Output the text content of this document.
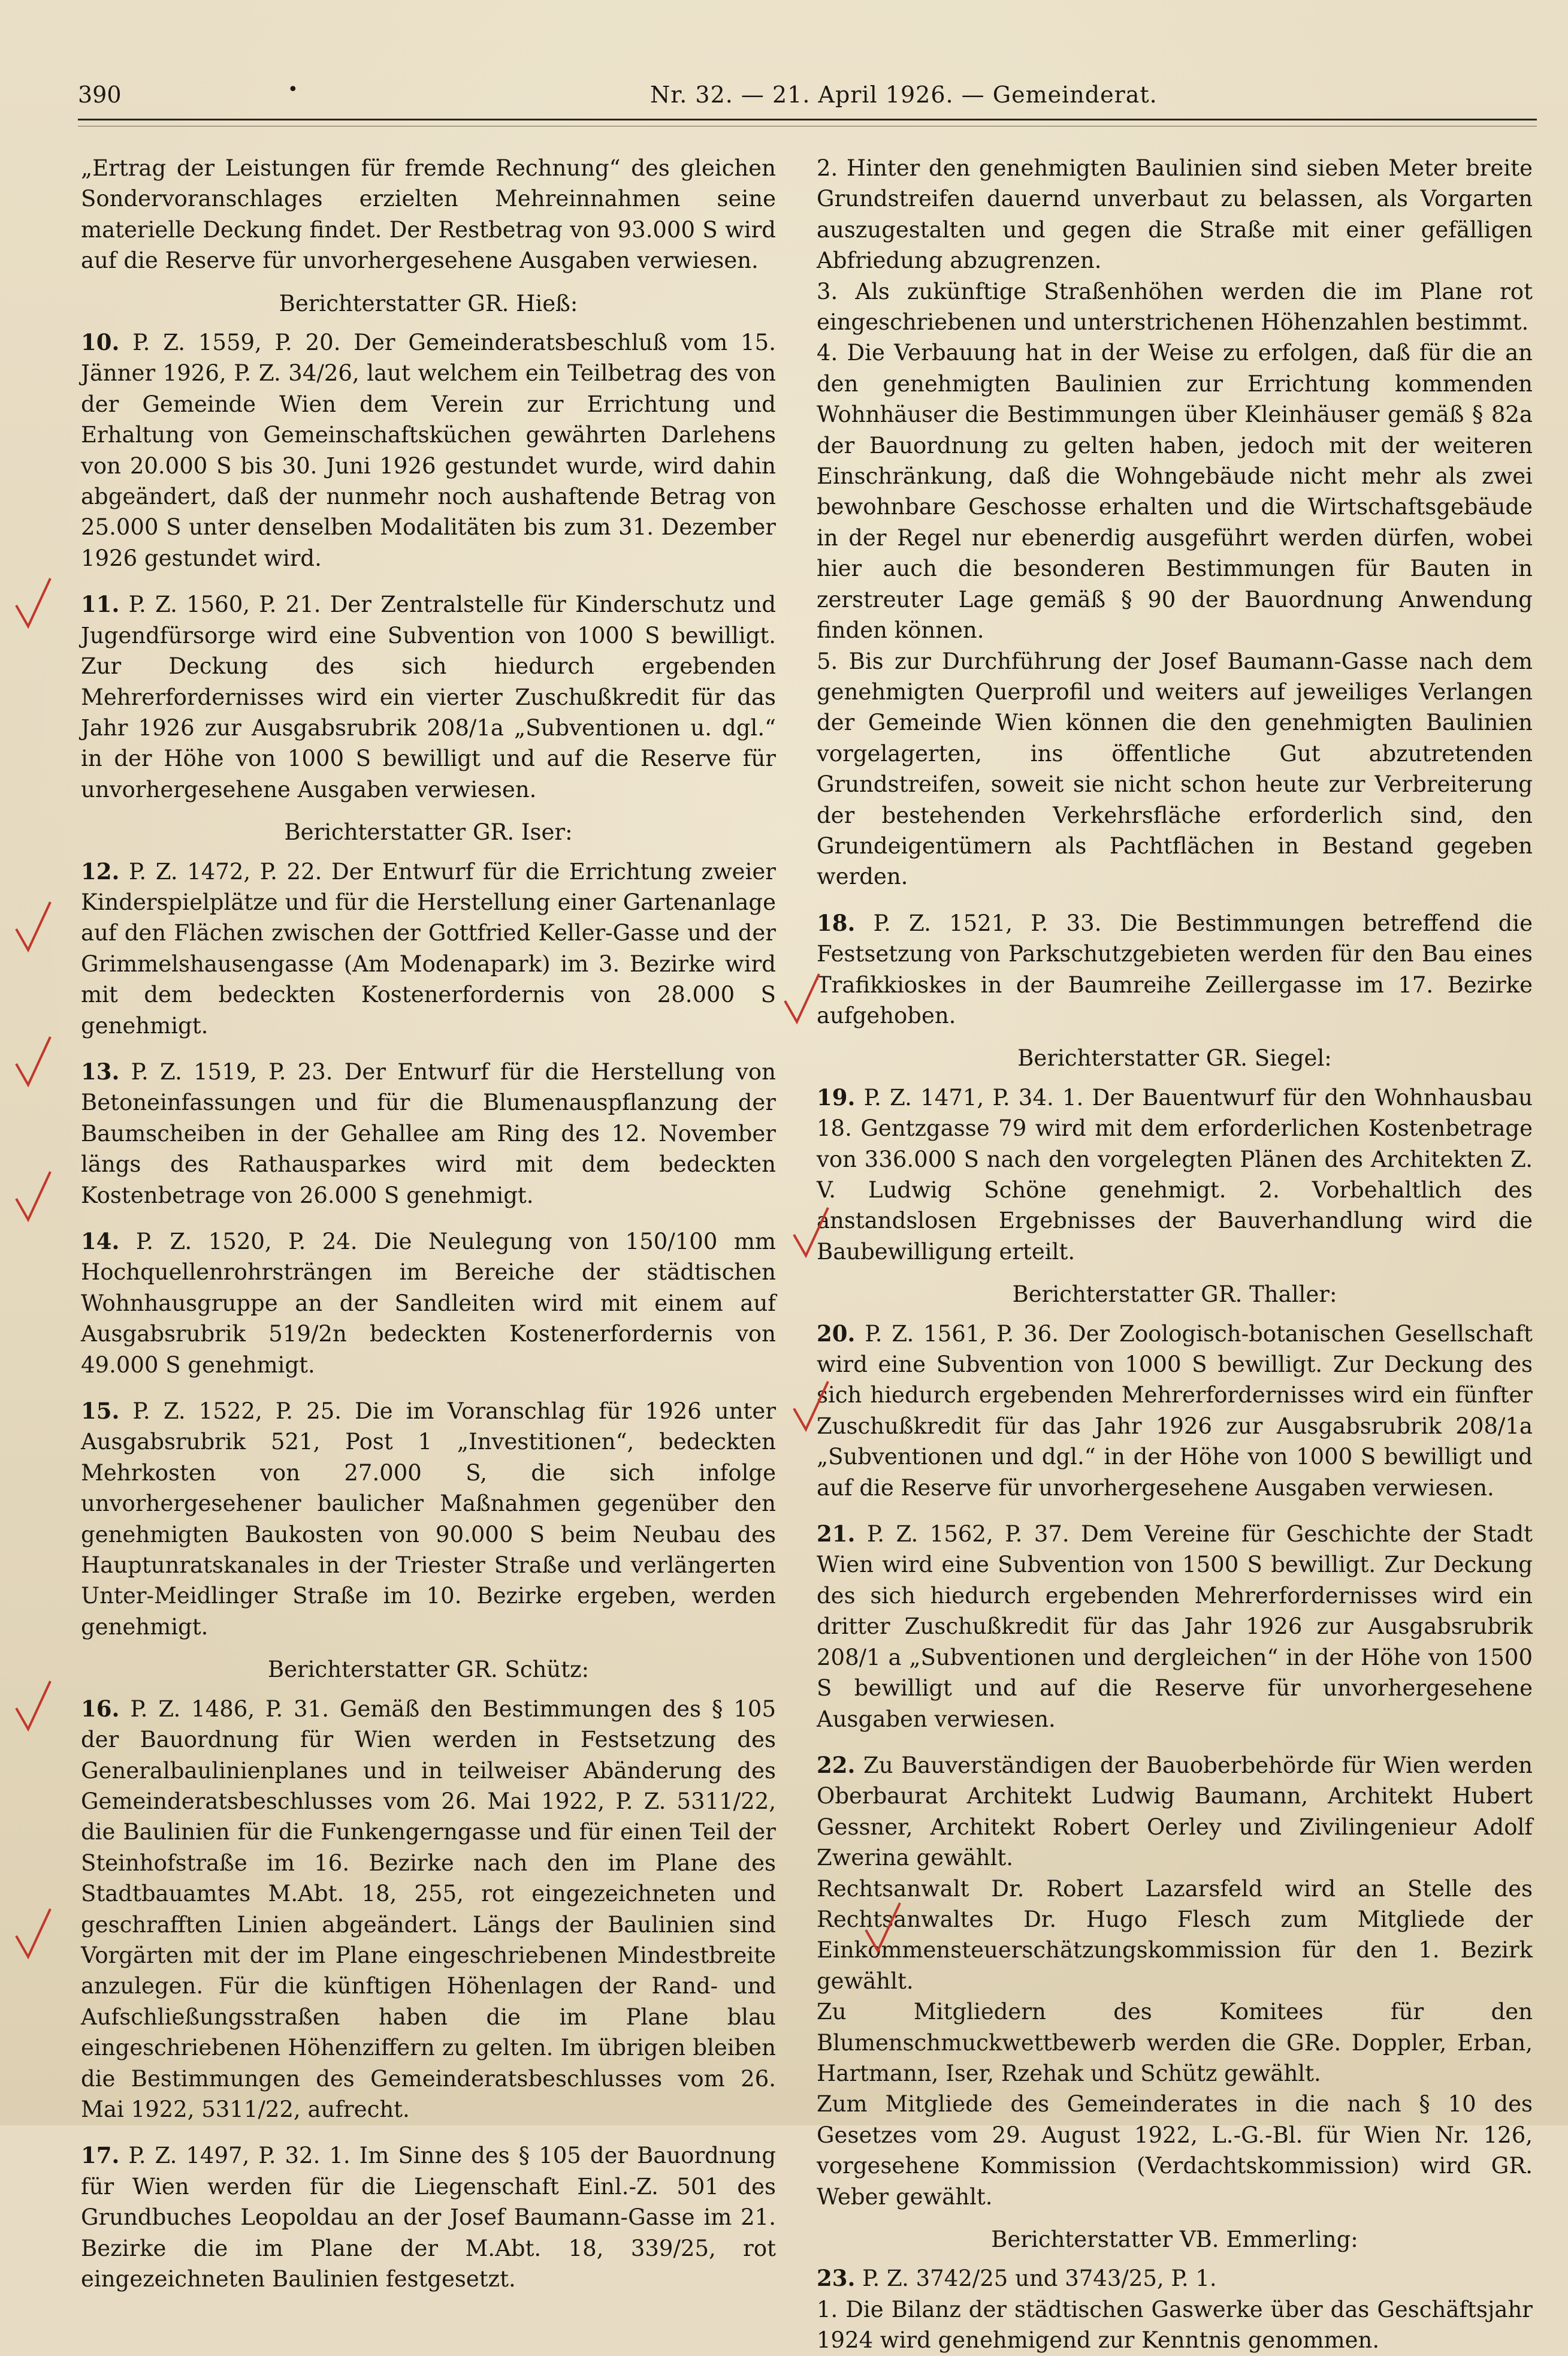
390	•	Nr. 32. — 21. April 1926. — Gemeinderat.

„Ertrag der Leistungen für fremde Rechnung“ des gleichen Sondervoranschlages erzielten Mehreinnahmen seine materielle Deckung findet. Der Restbetrag von 93.000 S wird auf die Reserve für unvorhergesehene Ausgaben verwiesen.

Berichterstatter GR. Hieß:

10. P. Z. 1559, P. 20. Der Gemeinderatsbeschluß vom 15. Jänner 1926, P. Z. 34/26, laut welchem ein Teilbetrag des von der Gemeinde Wien dem Verein zur Errichtung und Erhaltung von Gemeinschaftsküchen gewährten Darlehens von 20.000 S bis 30. Juni 1926 gestundet wurde, wird dahin abgeändert, daß der nunmehr noch aushaftende Betrag von 25.000 S unter denselben Modalitäten bis zum 31. Dezember 1926 gestundet wird.

11. P. Z. 1560, P. 21. Der Zentralstelle für Kinderschutz und Jugendfürsorge wird eine Subvention von 1000 S bewilligt. Zur Deckung des sich hiedurch ergebenden Mehrerfordernisses wird ein vierter Zuschußkredit für das Jahr 1926 zur Ausgabsrubrik 208/1a „Subventionen u. dgl.“ in der Höhe von 1000 S bewilligt und auf die Reserve für unvorhergesehene Ausgaben verwiesen.

Berichterstatter GR. Iser:

12. P. Z. 1472, P. 22. Der Entwurf für die Errichtung zweier Kinderspielplätze und für die Herstellung einer Gartenanlage auf den Flächen zwischen der Gottfried Keller-Gasse und der Grimmelshausengasse (Am Modenapark) im 3. Bezirke wird mit dem bedeckten Kostenerfordernis von 28.000 S genehmigt.

13. P. Z. 1519, P. 23. Der Entwurf für die Herstellung von Betoneinfassungen und für die Blumenauspflanzung der Baumscheiben in der Gehallee am Ring des 12. November längs des Rathausparkes wird mit dem bedeckten Kostenbetrage von 26.000 S genehmigt.

14. P. Z. 1520, P. 24. Die Neulegung von 150/100 mm Hochquellenrohrsträngen im Bereiche der städtischen Wohnhausgruppe an der Sandleiten wird mit einem auf Ausgabsrubrik 519/2n bedeckten Kostenerfordernis von 49.000 S genehmigt.

15. P. Z. 1522, P. 25. Die im Voranschlag für 1926 unter Ausgabsrubrik 521, Post 1 „Investitionen“, bedeckten Mehrkosten von 27.000 S, die sich infolge unvorhergesehener baulicher Maßnahmen gegenüber den genehmigten Baukosten von 90.000 S beim Neubau des Hauptunratskanales in der Triester Straße und verlängerten Unter-Meidlinger Straße im 10. Bezirke ergeben, werden genehmigt.

Berichterstatter GR. Schütz:

16. P. Z. 1486, P. 31. Gemäß den Bestimmungen des § 105 der Bauordnung für Wien werden in Festsetzung des Generalbaulinienplanes und in teilweiser Abänderung des Gemeinderatsbeschlusses vom 26. Mai 1922, P. Z. 5311/22, die Baulinien für die Funkengerngasse und für einen Teil der Steinhofstraße im 16. Bezirke nach den im Plane des Stadtbauamtes M.Abt. 18, 255, rot eingezeichneten und geschrafften Linien abgeändert. Längs der Baulinien sind Vorgärten mit der im Plane eingeschriebenen Mindestbreite anzulegen. Für die künftigen Höhenlagen der Rand- und Aufschließungsstraßen haben die im Plane blau eingeschriebenen Höhenziffern zu gelten. Im übrigen bleiben die Bestimmungen des Gemeinderatsbeschlusses vom 26. Mai 1922, 5311/22, aufrecht.

17. P. Z. 1497, P. 32. 1. Im Sinne des § 105 der Bauordnung für Wien werden für die Liegenschaft Einl.-Z. 501 des Grundbuches Leopoldau an der Josef Baumann-Gasse im 21. Bezirke die im Plane der M.Abt. 18, 339/25, rot eingezeichneten Baulinien festgesetzt.

2. Hinter den genehmigten Baulinien sind sieben Meter breite Grundstreifen dauernd unverbaut zu belassen, als Vorgarten auszugestalten und gegen die Straße mit einer gefälligen Abfriedung abzugrenzen.

3. Als zukünftige Straßenhöhen werden die im Plane rot eingeschriebenen und unterstrichenen Höhenzahlen bestimmt.

4. Die Verbauung hat in der Weise zu erfolgen, daß für die an den genehmigten Baulinien zur Errichtung kommenden Wohnhäuser die Bestimmungen über Kleinhäuser gemäß § 82a der Bauordnung zu gelten haben, jedoch mit der weiteren Einschränkung, daß die Wohngebäude nicht mehr als zwei bewohnbare Geschosse erhalten und die Wirtschaftsgebäude in der Regel nur ebenerdig ausgeführt werden dürfen, wobei hier auch die besonderen Bestimmungen für Bauten in zerstreuter Lage gemäß § 90 der Bauordnung Anwendung finden können.

5. Bis zur Durchführung der Josef Baumann-Gasse nach dem genehmigten Querprofil und weiters auf jeweiliges Verlangen der Gemeinde Wien können die den genehmigten Baulinien vorgelagerten, ins öffentliche Gut abzutretenden Grundstreifen, soweit sie nicht schon heute zur Verbreiterung der bestehenden Verkehrsfläche erforderlich sind, den Grundeigentümern als Pachtflächen in Bestand gegeben werden.

18. P. Z. 1521, P. 33. Die Bestimmungen betreffend die Festsetzung von Parkschutzgebieten werden für den Bau eines Trafikkioskes in der Baumreihe Zeillergasse im 17. Bezirke aufgehoben.

Berichterstatter GR. Siegel:

19. P. Z. 1471, P. 34. 1. Der Bauentwurf für den Wohnhausbau 18. Gentzgasse 79 wird mit dem erforderlichen Kostenbetrage von 336.000 S nach den vorgelegten Plänen des Architekten Z. V. Ludwig Schöne genehmigt. 2. Vorbehaltlich des anstandslosen Ergebnisses der Bauverhandlung wird die Baubewilligung erteilt.

Berichterstatter GR. Thaller:

20. P. Z. 1561, P. 36. Der Zoologisch-botanischen Gesellschaft wird eine Subvention von 1000 S bewilligt. Zur Deckung des sich hiedurch ergebenden Mehrerfordernisses wird ein fünfter Zuschußkredit für das Jahr 1926 zur Ausgabsrubrik 208/1a „Subventionen und dgl.“ in der Höhe von 1000 S bewilligt und auf die Reserve für unvorhergesehene Ausgaben verwiesen.

21. P. Z. 1562, P. 37. Dem Vereine für Geschichte der Stadt Wien wird eine Subvention von 1500 S bewilligt. Zur Deckung des sich hiedurch ergebenden Mehrerfordernisses wird ein dritter Zuschußkredit für das Jahr 1926 zur Ausgabsrubrik 208/1 a „Subventionen und dergleichen“ in der Höhe von 1500 S bewilligt und auf die Reserve für unvorhergesehene Ausgaben verwiesen.

22. Zu Bauverständigen der Bauoberbehörde für Wien werden Oberbaurat Architekt Ludwig Baumann, Architekt Hubert Gessner, Architekt Robert Oerley und Zivilingenieur Adolf Zwerina gewählt.

Rechtsanwalt Dr. Robert Lazarsfeld wird an Stelle des Rechtsanwaltes Dr. Hugo Flesch zum Mitgliede der Einkommensteuerschätzungskommission für den 1. Bezirk gewählt.

Zu Mitgliedern des Komitees für den Blumenschmuckwettbewerb werden die GRe. Doppler, Erban, Hartmann, Iser, Rzehak und Schütz gewählt.

Zum Mitgliede des Gemeinderates in die nach § 10 des Gesetzes vom 29. August 1922, L.-G.-Bl. für Wien Nr. 126, vorgesehene Kommission (Verdachtskommission) wird GR. Weber gewählt.

Berichterstatter VB. Emmerling:

23. P. Z. 3742/25 und 3743/25, P. 1.

1. Die Bilanz der städtischen Gaswerke über das Geschäftsjahr 1924 wird genehmigend zur Kenntnis genommen.
